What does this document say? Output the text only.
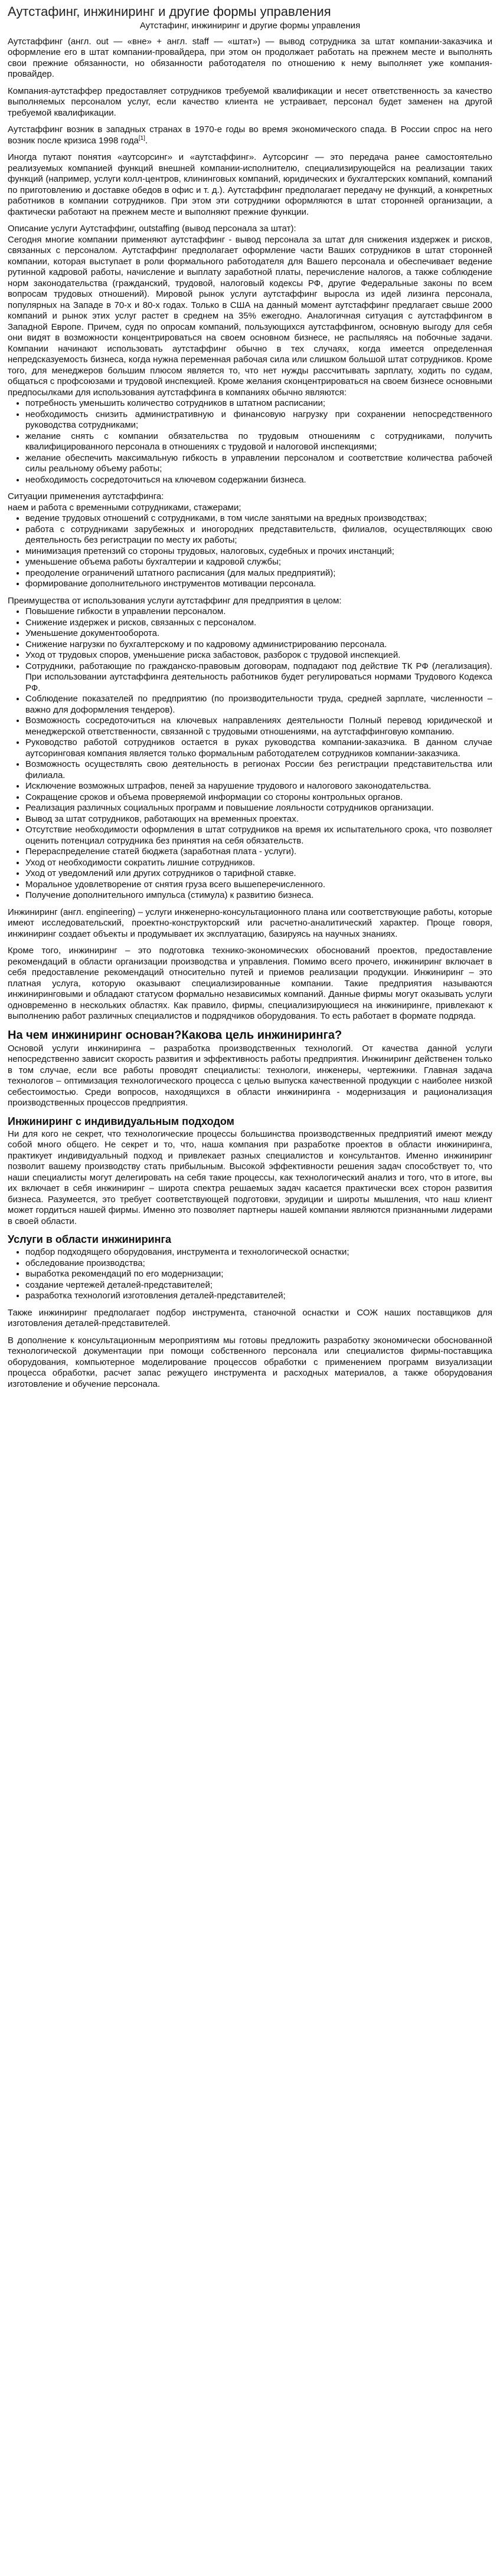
Аутстафинг, инжиниринг и другие формы управления
Аутстафинг, инжиниринг и другие формы управления

Аутстаффинг (англ. out — «вне» + англ. staff — «штат») — вывод сотрудника за штат компании-заказчика и оформление его в штат компании-провайдера, при этом он продолжает работать на прежнем месте и выполнять свои прежние обязанности, но обязанности работодателя по отношению к нему выполняет уже компания-провайдер.

Компания-аутстаффер предоставляет сотрудников требуемой квалификации и несет ответственность за качество выполняемых персоналом услуг, если качество клиента не устраивает, персонал будет заменен на другой требуемой квалификации.

Аутстаффинг возник в западных странах в 1970-е годы во время экономического спада. В России спрос на него возник после кризиса 1998 года[1].

Иногда путают понятия «аутсорсинг» и «аутстаффинг». Аутсорсинг — это передача ранее самостоятельно реализуемых компанией функций внешней компании-исполнителю, специализирующейся на реализации таких функций (например, услуги колл-центров, клининговых компаний, юридических и бухгалтерских компаний, компаний по приготовлению и доставке обедов в офис и т. д.). Аутстаффинг предполагает передачу не функций, а конкретных работников в компании сотрудников. При этом эти сотрудники оформляются в штат сторонней организации, а фактически работают на прежнем месте и выполняют прежние функции.

Описание услуги Аутстаффинг, outstaffing (вывод персонала за штат):

Сегодня многие компании применяют аутстаффинг - вывод персонала за штат для снижения издержек и рисков, связанных с персоналом. Аутстаффинг предполагает оформление части Ваших сотрудников в штат сторонней компании, которая выступает в роли формального работодателя для Вашего персонала и обеспечивает ведение рутинной кадровой работы, начисление и выплату заработной платы, перечисление налогов, а также соблюдение норм законодательства (гражданский, трудовой, налоговый кодексы РФ, другие Федеральные законы по всем вопросам трудовых отношений). Мировой рынок услуги аутстаффинг выросла из идей лизинга персонала, популярных на Западе в 70-х и 80-х годах. Только в США на данный момент аутстаффинг предлагает свыше 2000 компаний и рынок этих услуг растет в среднем на 35% ежегодно. Аналогичная ситуация с аутстаффингом в Западной Европе. Причем, судя по опросам компаний, пользующихся аутстаффингом, основную выгоду для себя они видят в возможности концентрироваться на своем основном бизнесе, не распыляясь на побочные задачи. Компании начинают использовать аутстаффинг обычно в тех случаях, когда имеется определенная непредсказуемость бизнеса, когда нужна переменная рабочая сила или слишком большой штат сотрудников. Кроме того, для менеджеров большим плюсом является то, что нет нужды рассчитывать зарплату, ходить по судам, общаться с профсоюзами и трудовой инспекцией. Кроме желания сконцентрироваться на своем бизнесе основными предпосылками для использования аутстаффинга в компаниях обычно являются:

• потребность уменьшить количество сотрудников в штатном расписании;
• необходимость снизить административную и финансовую нагрузку при сохранении непосредственного руководства сотрудниками;
• желание снять с компании обязательства по трудовым отношениям с сотрудниками, получить квалифицированного персонала в отношениях с трудовой и налоговой инспекциями;
• желание обеспечить максимальную гибкость в управлении персоналом и соответствие количества рабочей силы реальному объему работы;
• необходимость сосредоточиться на ключевом содержании бизнеса.

Ситуации применения аутстаффинга:

наем и работа с временными сотрудниками, стажерами;

• ведение трудовых отношений с сотрудниками, в том числе занятыми на вредных производствах;
• работа с сотрудниками зарубежных и иногородних представительств, филиалов, осуществляющих свою деятельность без регистрации по месту их работы;
• минимизация претензий со стороны трудовых, налоговых, судебных и прочих инстанций;
• уменьшение объема работы бухгалтерии и кадровой службы;
• преодоление ограничений штатного расписания (для малых предприятий);
• формирование дополнительного инструментов мотивации персонала.

Преимущества от использования услуги аутстаффинг для предприятия в целом:

• Повышение гибкости в управлении персоналом.
• Снижение издержек и рисков, связанных с персоналом.
• Уменьшение документооборота.
• Снижение нагрузки по бухгалтерскому и по кадровому администрированию персонала.
• Уход от трудовых споров, уменьшение риска забастовок, разборок с трудовой инспекцией.
• Сотрудники, работающие по гражданско-правовым договорам, подпадают под действие ТК РФ (легализация). При использовании аутстаффинга деятельность работников будет регулироваться нормами Трудового Кодекса РФ.
• Соблюдение показателей по предприятию (по производительности труда, средней зарплате, численности – важно для доформления тендеров).
• Возможность сосредоточиться на ключевых направлениях деятельности Полный перевод юридической и менеджерской ответственности, связанной с трудовыми отношениями, на аутстаффинговую компанию.
• Руководство работой сотрудников остается в руках руководства компании-заказчика. В данном случае аутсоринговая компания является только формальным работодателем сотрудников компании-заказчика.
• Возможность осуществлять свою деятельность в регионах России без регистрации представительства или филиала.
• Исключение возможных штрафов, пеней за нарушение трудового и налогового законодательства.
• Сокращение сроков и объема проверяемой информации со стороны контрольных органов.
• Реализация различных социальных программ и повышение лояльности сотрудников организации.
• Вывод за штат сотрудников, работающих на временных проектах.
• Отсутствие необходимости оформления в штат сотрудников на время их испытательного срока, что позволяет оценить потенциал сотрудника без принятия на себя обязательств.
• Перераспределение статей бюджета (заработная плата - услуги).
• Уход от необходимости сократить лишние сотрудников.
• Уход от уведомлений или других сотрудников о тарифной ставке.
• Моральное удовлетворение от снятия груза всего вышеперечисленного.
• Получение дополнительного импульса (стимула) к развитию бизнеса.

Инжиниринг (англ. engineering) – услуги инженерно-консультационного плана или соответствующие работы, которые имеют исследовательский, проектно-конструкторский или расчетно-аналитический характер. Проще говоря, инжиниринг создает объекты и продумывает их эксплуатацию, базируясь на научных знаниях.

Кроме того, инжиниринг – это подготовка технико-экономических обоснований проектов, предоставление рекомендаций в области организации производства и управления. Помимо всего прочего, инжиниринг включает в себя предоставление рекомендаций относительно путей и приемов реализации продукции. Инжиниринг – это платная услуга, которую оказывают специализированные компании. Такие предприятия называются инжиниринговыми и обладают статусом формально независимых компаний. Данные фирмы могут оказывать услуги одновременно в нескольких областях. Как правило, фирмы, специализирующиеся на инжиниринге, привлекают к выполнению работ различных специалистов и подрядчиков оборудования. То есть работает в формате подряда.

На чем инжиниринг основан?Какова цель инжиниринга?

Основой услуги инжиниринга – разработка производственных технологий. От качества данной услуги непосредственно зависит скорость развития и эффективность работы предприятия. Инжиниринг действенен только в том случае, если все работы проводят специалисты: технологи, инженеры, чертежники. Главная задача технологов – оптимизация технологического процесса с целью выпуска качественной продукции с наиболее низкой себестоимостью. Среди вопросов, находящихся в области инжиниринга - модернизация и рационализация производственных процессов предприятия.

Инжиниринг с индивидуальным подходом

Ни для кого не секрет, что технологические процессы большинства производственных предприятий имеют между собой много общего. Не секрет и то, что, наша компания при разработке проектов в области инжиниринга, практикует индивидуальный подход и привлекает разных специалистов и консультантов. Именно инжиниринг позволит вашему производству стать прибыльным. Высокой эффективности решения задач способствует то, что наши специалисты могут делегировать на себя такие процессы, как технологический анализ и того, что в итоге, вы их включает в себя инжиниринг – широта спектра решаемых задач касается практически всех сторон развития бизнеса. Разумеется, это требует соответствующей подготовки, эрудиции и широты мышления, что наш клиент может гордиться нашей фирмы. Именно это позволяет партнеры нашей компании являются признанными лидерами в своей области.

Услуги в области инжиниринга
• подбор подходящего оборудования, инструмента и технологической оснастки;
• обследование производства;
• выработка рекомендаций по его модернизации;
• создание чертежей деталей-представителей;
• разработка технологий изготовления деталей-представителей;

Также инжиниринг предполагает подбор инструмента, станочной оснастки и СОЖ наших поставщиков для изготовления деталей-представителей.

В дополнение к консультационным мероприятиям мы готовы предложить разработку экономически обоснованной технологической документации при помощи собственного персонала или специалистов фирмы-поставщика оборудования, компьютерное моделирование процессов обработки с применением программ визуализации процесса обработки, расчет запас режущего инструмента и расходных материалов, а также оборудования изготовление и обучение персонала.
